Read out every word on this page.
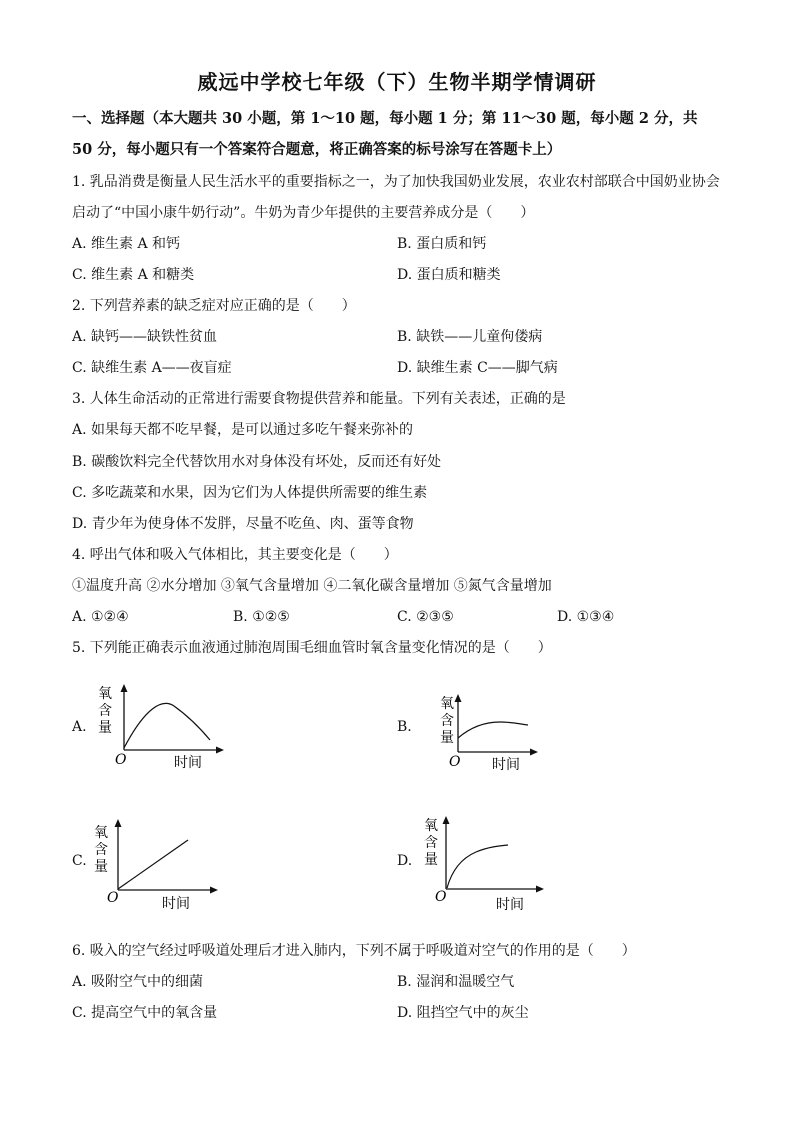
威远中学校七年级（下）生物半期学情调研
一、选择题（本大题共 30 小题，第 1～10 题，每小题 1 分；第 11～30 题，每小题 2 分，共
50 分，每小题只有一个答案符合题意，将正确答案的标号涂写在答题卡上）
1. 乳品消费是衡量人民生活水平的重要指标之一，为了加快我国奶业发展，农业农村部联合中国奶业协会
启动了“中国小康牛奶行动”。牛奶为青少年提供的主要营养成分是（　　）
A. 维生素 A 和钙	B. 蛋白质和钙
C. 维生素 A 和糖类	D. 蛋白质和糖类
2. 下列营养素的缺乏症对应正确的是（　　）
A. 缺钙——缺铁性贫血	B. 缺铁——儿童佝偻病
C. 缺维生素 A——夜盲症	D. 缺维生素 C——脚气病
3. 人体生命活动的正常进行需要食物提供营养和能量。下列有关表述，正确的是
A. 如果每天都不吃早餐，是可以通过多吃午餐来弥补的
B. 碳酸饮料完全代替饮用水对身体没有坏处，反而还有好处
C. 多吃蔬菜和水果，因为它们为人体提供所需要的维生素
D. 青少年为使身体不发胖，尽量不吃鱼、肉、蛋等食物
4. 呼出气体和吸入气体相比，其主要变化是（　　）
①温度升高 ②水分增加 ③氧气含量增加 ④二氧化碳含量增加 ⑤氮气含量增加
A. ①②④	B. ①②⑤	C. ②③⑤	D. ①③④
5. 下列能正确表示血液通过肺泡周围毛细血管时氧含量变化情况的是（　　）
A.
氧
含
量
O	时间
B.
氧
含
量
O 时间
C.
氧
含
量
O	时间
D.
氧
含
量
O	时间
6. 吸入的空气经过呼吸道处理后才进入肺内，下列不属于呼吸道对空气的作用的是（　　）
A. 吸附空气中的细菌	B. 湿润和温暖空气
C. 提高空气中的氧含量	D. 阻挡空气中的灰尘
